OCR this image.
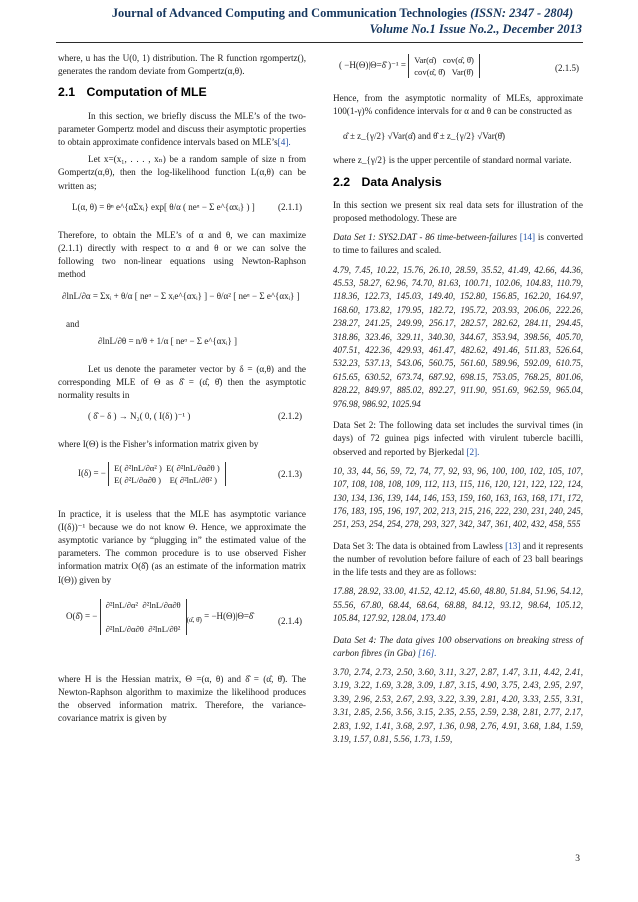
Journal of Advanced Computing and Communication Technologies (ISSN: 2347 - 2804)
Volume No.1 Issue No.2., December 2013

where, u has the U(0, 1) distribution. The R function rgompertz(), generates the random deviate from Gompertz(α,θ).

2.1 Computation of MLE

In this section, we briefly discuss the MLE’s of the two-parameter Gompertz model and discuss their asymptotic properties to obtain approximate confidence intervals based on MLE’s[4].

Let x=(x₁, . . . , xₙ) be a random sample of size n from Gompertz(α,θ), then the log-likelihood function L(α,θ) can be written as;

L(α, θ) = θⁿ e^{αΣxᵢ} exp[ θ/α ( neᵅ − Σ e^{αxᵢ} ) ]	(2.1.1)

Therefore, to obtain the MLE’s of α and θ, we can maximize (2.1.1) directly with respect to α and θ or we can solve the following two non-linear equations using Newton-Raphson method

∂lnL/∂α = Σxᵢ + θ/α [ neᵅ − Σ xᵢe^{αxᵢ} ] − θ/α² [ neᵅ − Σ e^{αxᵢ} ]
and
∂lnL/∂θ = n/θ + 1/α [ neᵅ − Σ e^{αxᵢ} ]

Let us denote the parameter vector by δ = (α,θ) and the corresponding MLE of Θ as δ̂ = (α̂, θ̂) then the asymptotic normality results in

( δ̂ − δ ) → N₂( 0, ( I(δ) )⁻¹ )	(2.1.2)

where I(Θ) is the Fisher’s information matrix given by

I(δ) = − E( ∂²lnL/∂α² ) E( ∂²lnL/∂α∂θ )
E( ∂²L/∂α∂θ ) E( ∂²lnL/∂θ² )
(2.1.3)

In practice, it is useless that the MLE has asymptotic variance (I(δ))⁻¹ because we do not know Θ. Hence, we approximate the asymptotic variance by “plugging in” the estimated value of the parameters. The common procedure is to use observed Fisher information matrix O(δ̂) (as an estimate of the information matrix I(Θ)) given by

O(δ̂) = − ∂²lnL/∂α² ∂²lnL/∂α∂θ

∂²lnL/∂α∂θ $\partial^2\ln L/\partial\theta^2_{(\alphâ, \thetâ)}$ = −H(Θ)|Θ=δ̂	(2.1.4)

where H is the Hessian matrix, Θ =(α, θ) and δ̂ = (α̂, θ̂). The Newton-Raphson algorithm to maximize the likelihood produces the observed information matrix. Therefore, the variance-covariance matrix is given by

( −H(Θ)|Θ=δ̂ )⁻¹ = Var(α̂) cov(α̂, θ̂)
cov(α̂, θ̂) Var(θ̂)	(2.1.5)

Hence, from the asymptotic normality of MLEs, approximate 100(1-γ)% confidence intervals for α and θ can be constructed as

α̂ ± z_{γ/2} √Var(α̂) and θ̂ ± z_{γ/2} √Var(θ̂)

where z_{γ/2} is the upper percentile of standard normal variate.

2.2 Data Analysis

In this section we present six real data sets for illustration of the proposed methodology. These are

Data Set 1: SYS2.DAT - 86 time-between-failures [14] is converted to time to failures and scaled.

4.79, 7.45, 10.22, 15.76, 26.10, 28.59, 35.52, 41.49, 42.66, 44.36, 45.53, 58.27, 62.96, 74.70, 81.63, 100.71, 102.06, 104.83, 110.79, 118.36, 122.73, 145.03, 149.40, 152.80, 156.85, 162.20, 164.97, 168.60, 173.82, 179.95, 182.72, 195.72, 203.93, 206.06, 222.26, 238.27, 241.25, 249.99, 256.17, 282.57, 282.62, 284.11, 294.45, 318.86, 323.46, 329.11, 340.30, 344.67, 353.94, 398.56, 405.70, 407.51, 422.36, 429.93, 461.47, 482.62, 491.46, 511.83, 526.64, 532.23, 537.13, 543.06, 560.75, 561.60, 589.96, 592.09, 610.75, 615.65, 630.52, 673.74, 687.92, 698.15, 753.05, 768.25, 801.06, 828.22, 849.97, 885.02, 892.27, 911.90, 951.69, 962.59, 965.04, 976.98, 986.92, 1025.94

Data Set 2: The following data set includes the survival times (in days) of 72 guinea pigs infected with virulent tubercle bacilli, observed and reported by Bjerkedal [2].

10, 33, 44, 56, 59, 72, 74, 77, 92, 93, 96, 100, 100, 102, 105, 107, 107, 108, 108, 108, 109, 112, 113, 115, 116, 120, 121, 122, 122, 124, 130, 134, 136, 139, 144, 146, 153, 159, 160, 163, 163, 168, 171, 172, 176, 183, 195, 196, 197, 202, 213, 215, 216, 222, 230, 231, 240, 245, 251, 253, 254, 254, 278, 293, 327, 342, 347, 361, 402, 432, 458, 555

Data Set 3: The data is obtained from Lawless [13] and it represents the number of revolution before failure of each of 23 ball bearings in the life tests and they are as follows:

17.88, 28.92, 33.00, 41.52, 42.12, 45.60, 48.80, 51.84, 51.96, 54.12, 55.56, 67.80, 68.44, 68.64, 68.88, 84.12, 93.12, 98.64, 105.12, 105.84, 127.92, 128.04, 173.40

Data Set 4: The data gives 100 observations on breaking stress of carbon fibres (in Gba) [16].

3.70, 2.74, 2.73, 2.50, 3.60, 3.11, 3.27, 2.87, 1.47, 3.11, 4.42, 2.41, 3.19, 3.22, 1.69, 3.28, 3.09, 1.87, 3.15, 4.90, 3.75, 2.43, 2.95, 2.97, 3.39, 2.96, 2.53, 2.67, 2.93, 3.22, 3.39, 2.81, 4.20, 3.33, 2.55, 3.31, 3.31, 2.85, 2.56, 3.56, 3.15, 2.35, 2.55, 2.59, 2.38, 2.81, 2.77, 2.17, 2.83, 1.92, 1.41, 3.68, 2.97, 1.36, 0.98, 2.76, 4.91, 3.68, 1.84, 1.59, 3.19, 1.57, 0.81, 5.56, 1.73, 1.59,

3
